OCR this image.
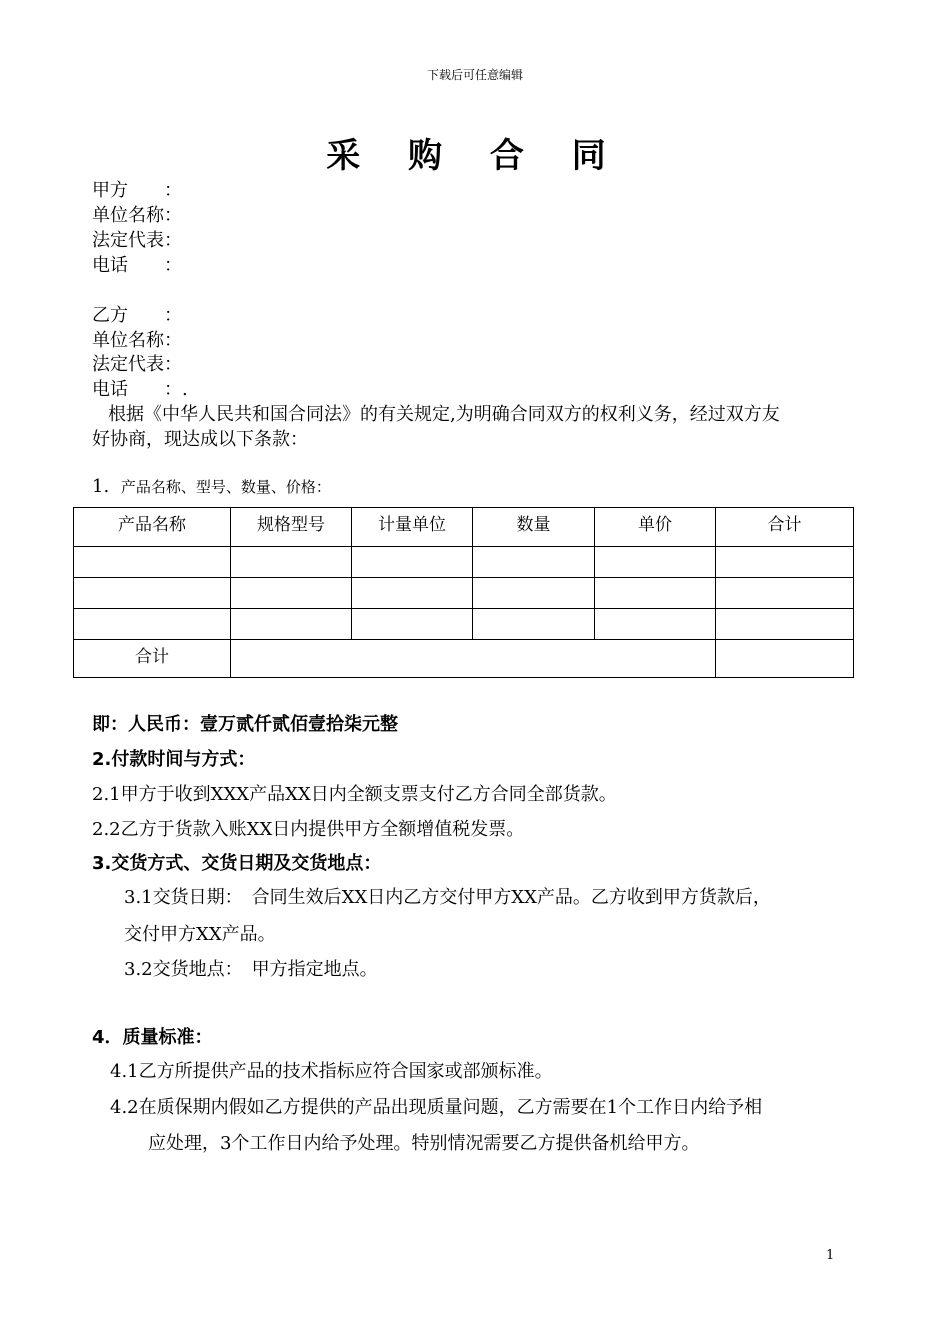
下载后可任意编辑
采 购 合 同
甲方　　：
单位名称：
法定代表：
电话　　：
乙方　　：
单位名称：
法定代表：
电话　　：.
根据《中华人民共和国合同法》的有关规定,为明确合同双方的权利义务，经过双方友
好协商，现达成以下条款：
1. 产品名称、型号、数量、价格：
产品名称	规格型号	计量单位	数量	单价	合计

合计					
即：人民币：壹万贰仟贰佰壹拾柒元整
2.付款时间与方式：
2.1甲方于收到XXX产品XX日内全额支票支付乙方合同全部货款。
2.2乙方于货款入账XX日内提供甲方全额增值税发票。
3.交货方式、交货日期及交货地点：
3.1交货日期：　合同生效后XX日内乙方交付甲方XX产品。乙方收到甲方货款后，
交付甲方XX产品。
3.2交货地点：　甲方指定地点。
4．质量标准：
4.1乙方所提供产品的技术指标应符合国家或部颁标准。
4.2在质保期内假如乙方提供的产品出现质量问题，乙方需要在1个工作日内给予相
应处理，3个工作日内给予处理。特别情况需要乙方提供备机给甲方。
1
